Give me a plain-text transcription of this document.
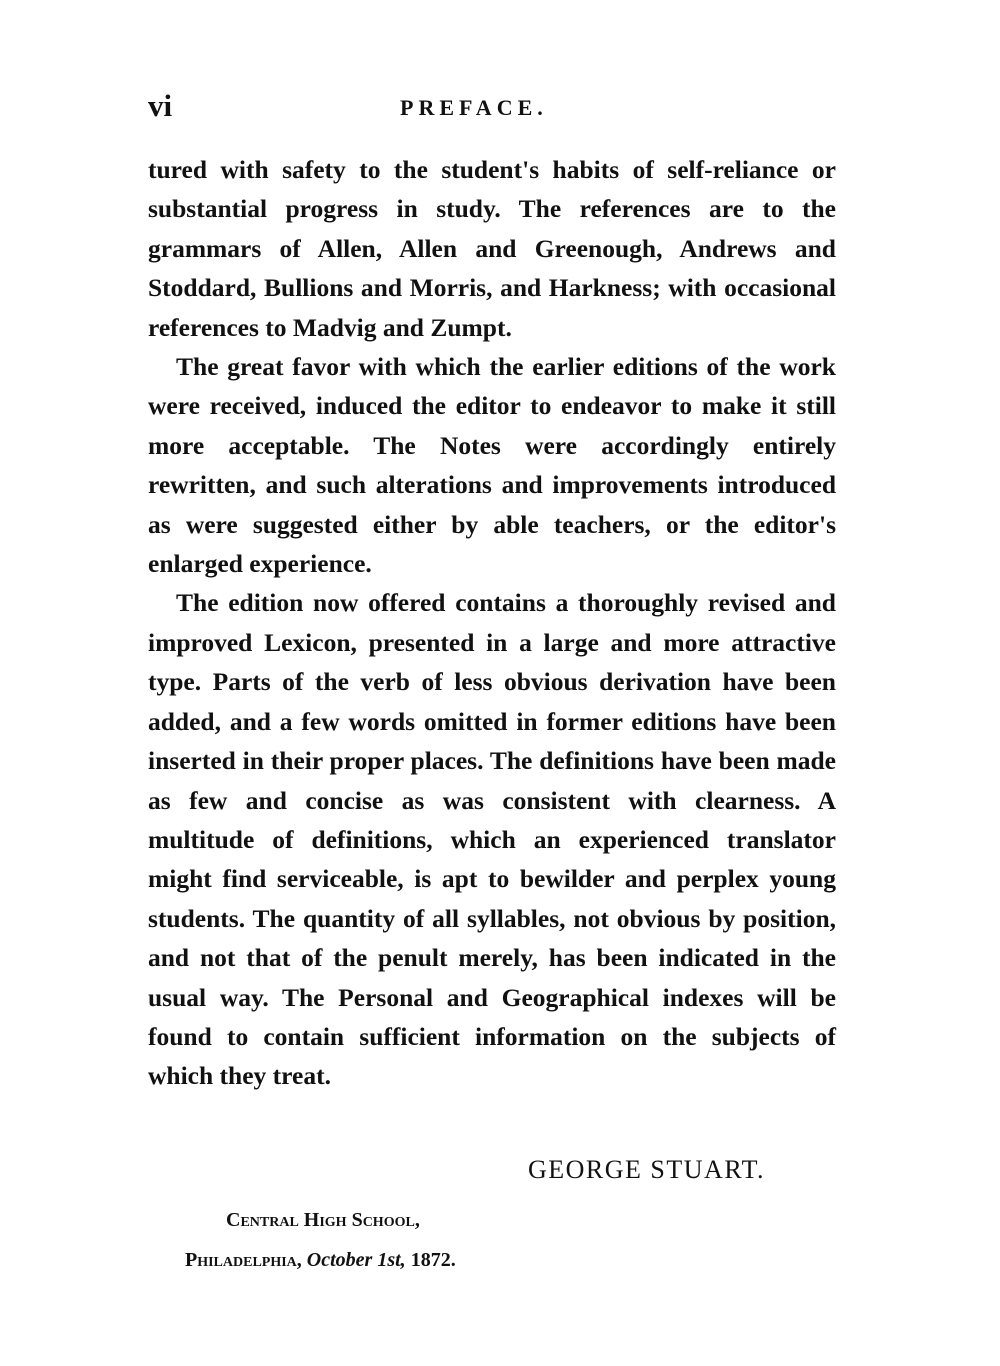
vi	PREFACE.

tured with safety to the student's habits of self-reliance or substantial progress in study. The references are to the grammars of Allen, Allen and Greenough, Andrews and Stoddard, Bullions and Morris, and Harkness; with occasional references to Madvig and Zumpt.

The great favor with which the earlier editions of the work were received, induced the editor to endeavor to make it still more acceptable. The Notes were accordingly entirely rewritten, and such alterations and improvements introduced as were suggested either by able teachers, or the editor's enlarged experience.

The edition now offered contains a thoroughly revised and improved Lexicon, presented in a large and more attractive type. Parts of the verb of less obvious derivation have been added, and a few words omitted in former editions have been inserted in their proper places. The definitions have been made as few and concise as was consistent with clearness. A multitude of definitions, which an experienced translator might find serviceable, is apt to bewilder and perplex young students. The quantity of all syllables, not obvious by position, and not that of the penult merely, has been indicated in the usual way. The Personal and Geographical indexes will be found to contain sufficient information on the subjects of which they treat.

GEORGE STUART.
Central High School,
Philadelphia, October 1st, 1872.
